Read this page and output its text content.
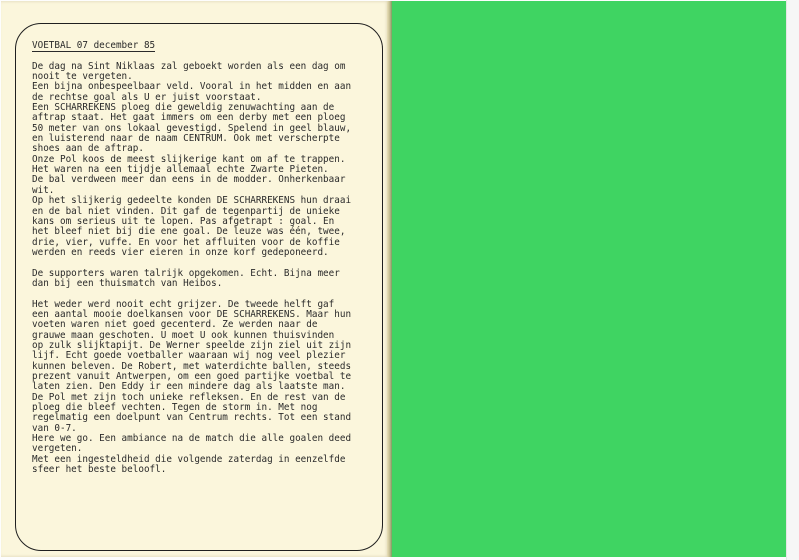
VOETBAL 07 december 85
De dag na Sint Niklaas zal geboekt worden als een dag om
nooit te vergeten.
Een bijna onbespeelbaar veld. Vooral in het midden en aan
de rechtse goal als U er juist voorstaat.
Een SCHARREKENS ploeg die geweldig zenuwachting aan de
aftrap staat. Het gaat immers om een derby met een ploeg
50 meter van ons lokaal gevestigd. Spelend in geel blauw,
en luisterend naar de naam CENTRUM. Ook met verscherpte
shoes aan de aftrap.
Onze Pol koos de meest slijkerige kant om af te trappen.
Het waren na een tijdje allemaal echte Zwarte Pieten.
De bal verdween meer dan eens in de modder. Onherkenbaar
wit.
Op het slijkerig gedeelte konden DE SCHARREKENS hun draai
en de bal niet vinden. Dit gaf de tegenpartij de unieke
kans om serieus uit te lopen. Pas afgetrapt : goal. En
het bleef niet bij die ene goal. De leuze was één, twee,
drie, vier, vuffe. En voor het affluiten voor de koffie
werden en reeds vier eieren in onze korf gedeponeerd.
De supporters waren talrijk opgekomen. Echt. Bijna meer
dan bij een thuismatch van Heibos.
Het weder werd nooit echt grijzer. De tweede helft gaf
een aantal mooie doelkansen voor DE SCHARREKENS. Maar hun
voeten waren niet goed gecenterd. Ze werden naar de
grauwe maan geschoten. U moet U ook kunnen thuisvinden
op zulk slijktapijt. De Werner speelde zijn ziel uit zijn
lijf. Echt goede voetballer waaraan wij nog veel plezier
kunnen beleven. De Robert, met waterdichte ballen, steeds
prezent vanuit Antwerpen, om een goed partijke voetbal te
laten zien. Den Eddy ir een mindere dag als laatste man.
De Pol met zijn toch unieke refleksen. En de rest van de
ploeg die bleef vechten. Tegen de storm in. Met nog
regelmatig een doelpunt van Centrum rechts. Tot een stand
van 0-7.
Here we go. Een ambiance na de match die alle goalen deed
vergeten.
Met een ingesteldheid die volgende zaterdag in eenzelfde
sfeer het beste beloofl.
